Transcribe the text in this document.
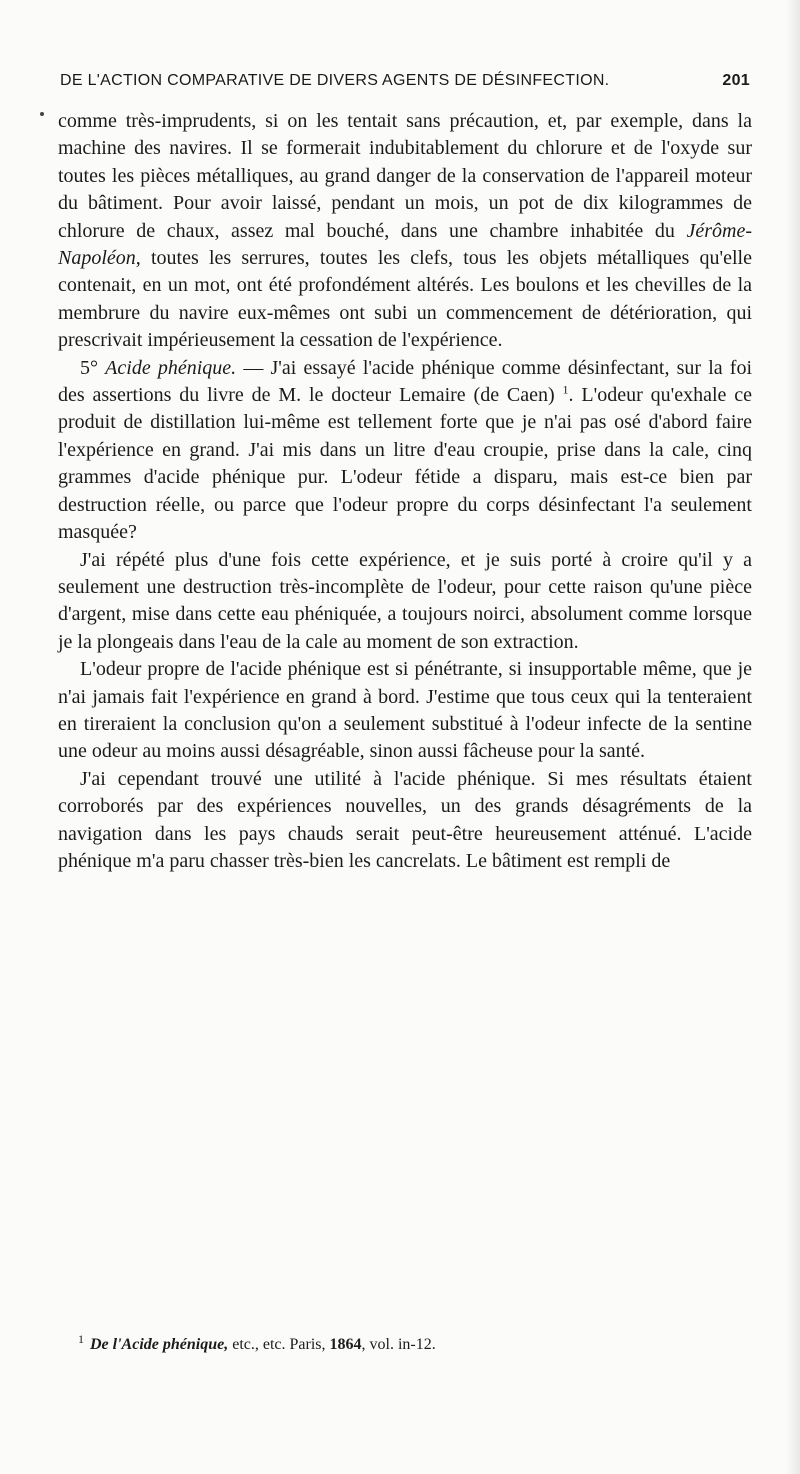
DE L'ACTION COMPARATIVE DE DIVERS AGENTS DE DÉSINFECTION.	201

comme très-imprudents, si on les tentait sans précaution, et, par exemple, dans la machine des navires. Il se formerait indubitablement du chlorure et de l'oxyde sur toutes les pièces métalliques, au grand danger de la conservation de l'appareil moteur du bâtiment. Pour avoir laissé, pendant un mois, un pot de dix kilogrammes de chlorure de chaux, assez mal bouché, dans une chambre inhabitée du Jérôme-Napoléon, toutes les serrures, toutes les clefs, tous les objets métalliques qu'elle contenait, en un mot, ont été profondément altérés. Les boulons et les chevilles de la membrure du navire eux-mêmes ont subi un commencement de détérioration, qui prescrivait impérieusement la cessation de l'expérience.

5° Acide phénique. — J'ai essayé l'acide phénique comme désinfectant, sur la foi des assertions du livre de M. le docteur Lemaire (de Caen) $^1$. L'odeur qu'exhale ce produit de distillation lui-même est tellement forte que je n'ai pas osé d'abord faire l'expérience en grand. J'ai mis dans un litre d'eau croupie, prise dans la cale, cinq grammes d'acide phénique pur. L'odeur fétide a disparu, mais est-ce bien par destruction réelle, ou parce que l'odeur propre du corps désinfectant l'a seulement masquée?

J'ai répété plus d'une fois cette expérience, et je suis porté à croire qu'il y a seulement une destruction très-incomplète de l'odeur, pour cette raison qu'une pièce d'argent, mise dans cette eau phéniquée, a toujours noirci, absolument comme lorsque je la plongeais dans l'eau de la cale au moment de son extraction.

L'odeur propre de l'acide phénique est si pénétrante, si insupportable même, que je n'ai jamais fait l'expérience en grand à bord. J'estime que tous ceux qui la tenteraient en tireraient la conclusion qu'on a seulement substitué à l'odeur infecte de la sentine une odeur au moins aussi désagréable, sinon aussi fâcheuse pour la santé.

J'ai cependant trouvé une utilité à l'acide phénique. Si mes résultats étaient corroborés par des expériences nouvelles, un des grands désagréments de la navigation dans les pays chauds serait peut-être heureusement atténué. L'acide phénique m'a paru chasser très-bien les cancrelats. Le bâtiment est rempli de

$^1$ De l'Acide phénique, etc., etc. Paris, 1864, vol. in-12.
